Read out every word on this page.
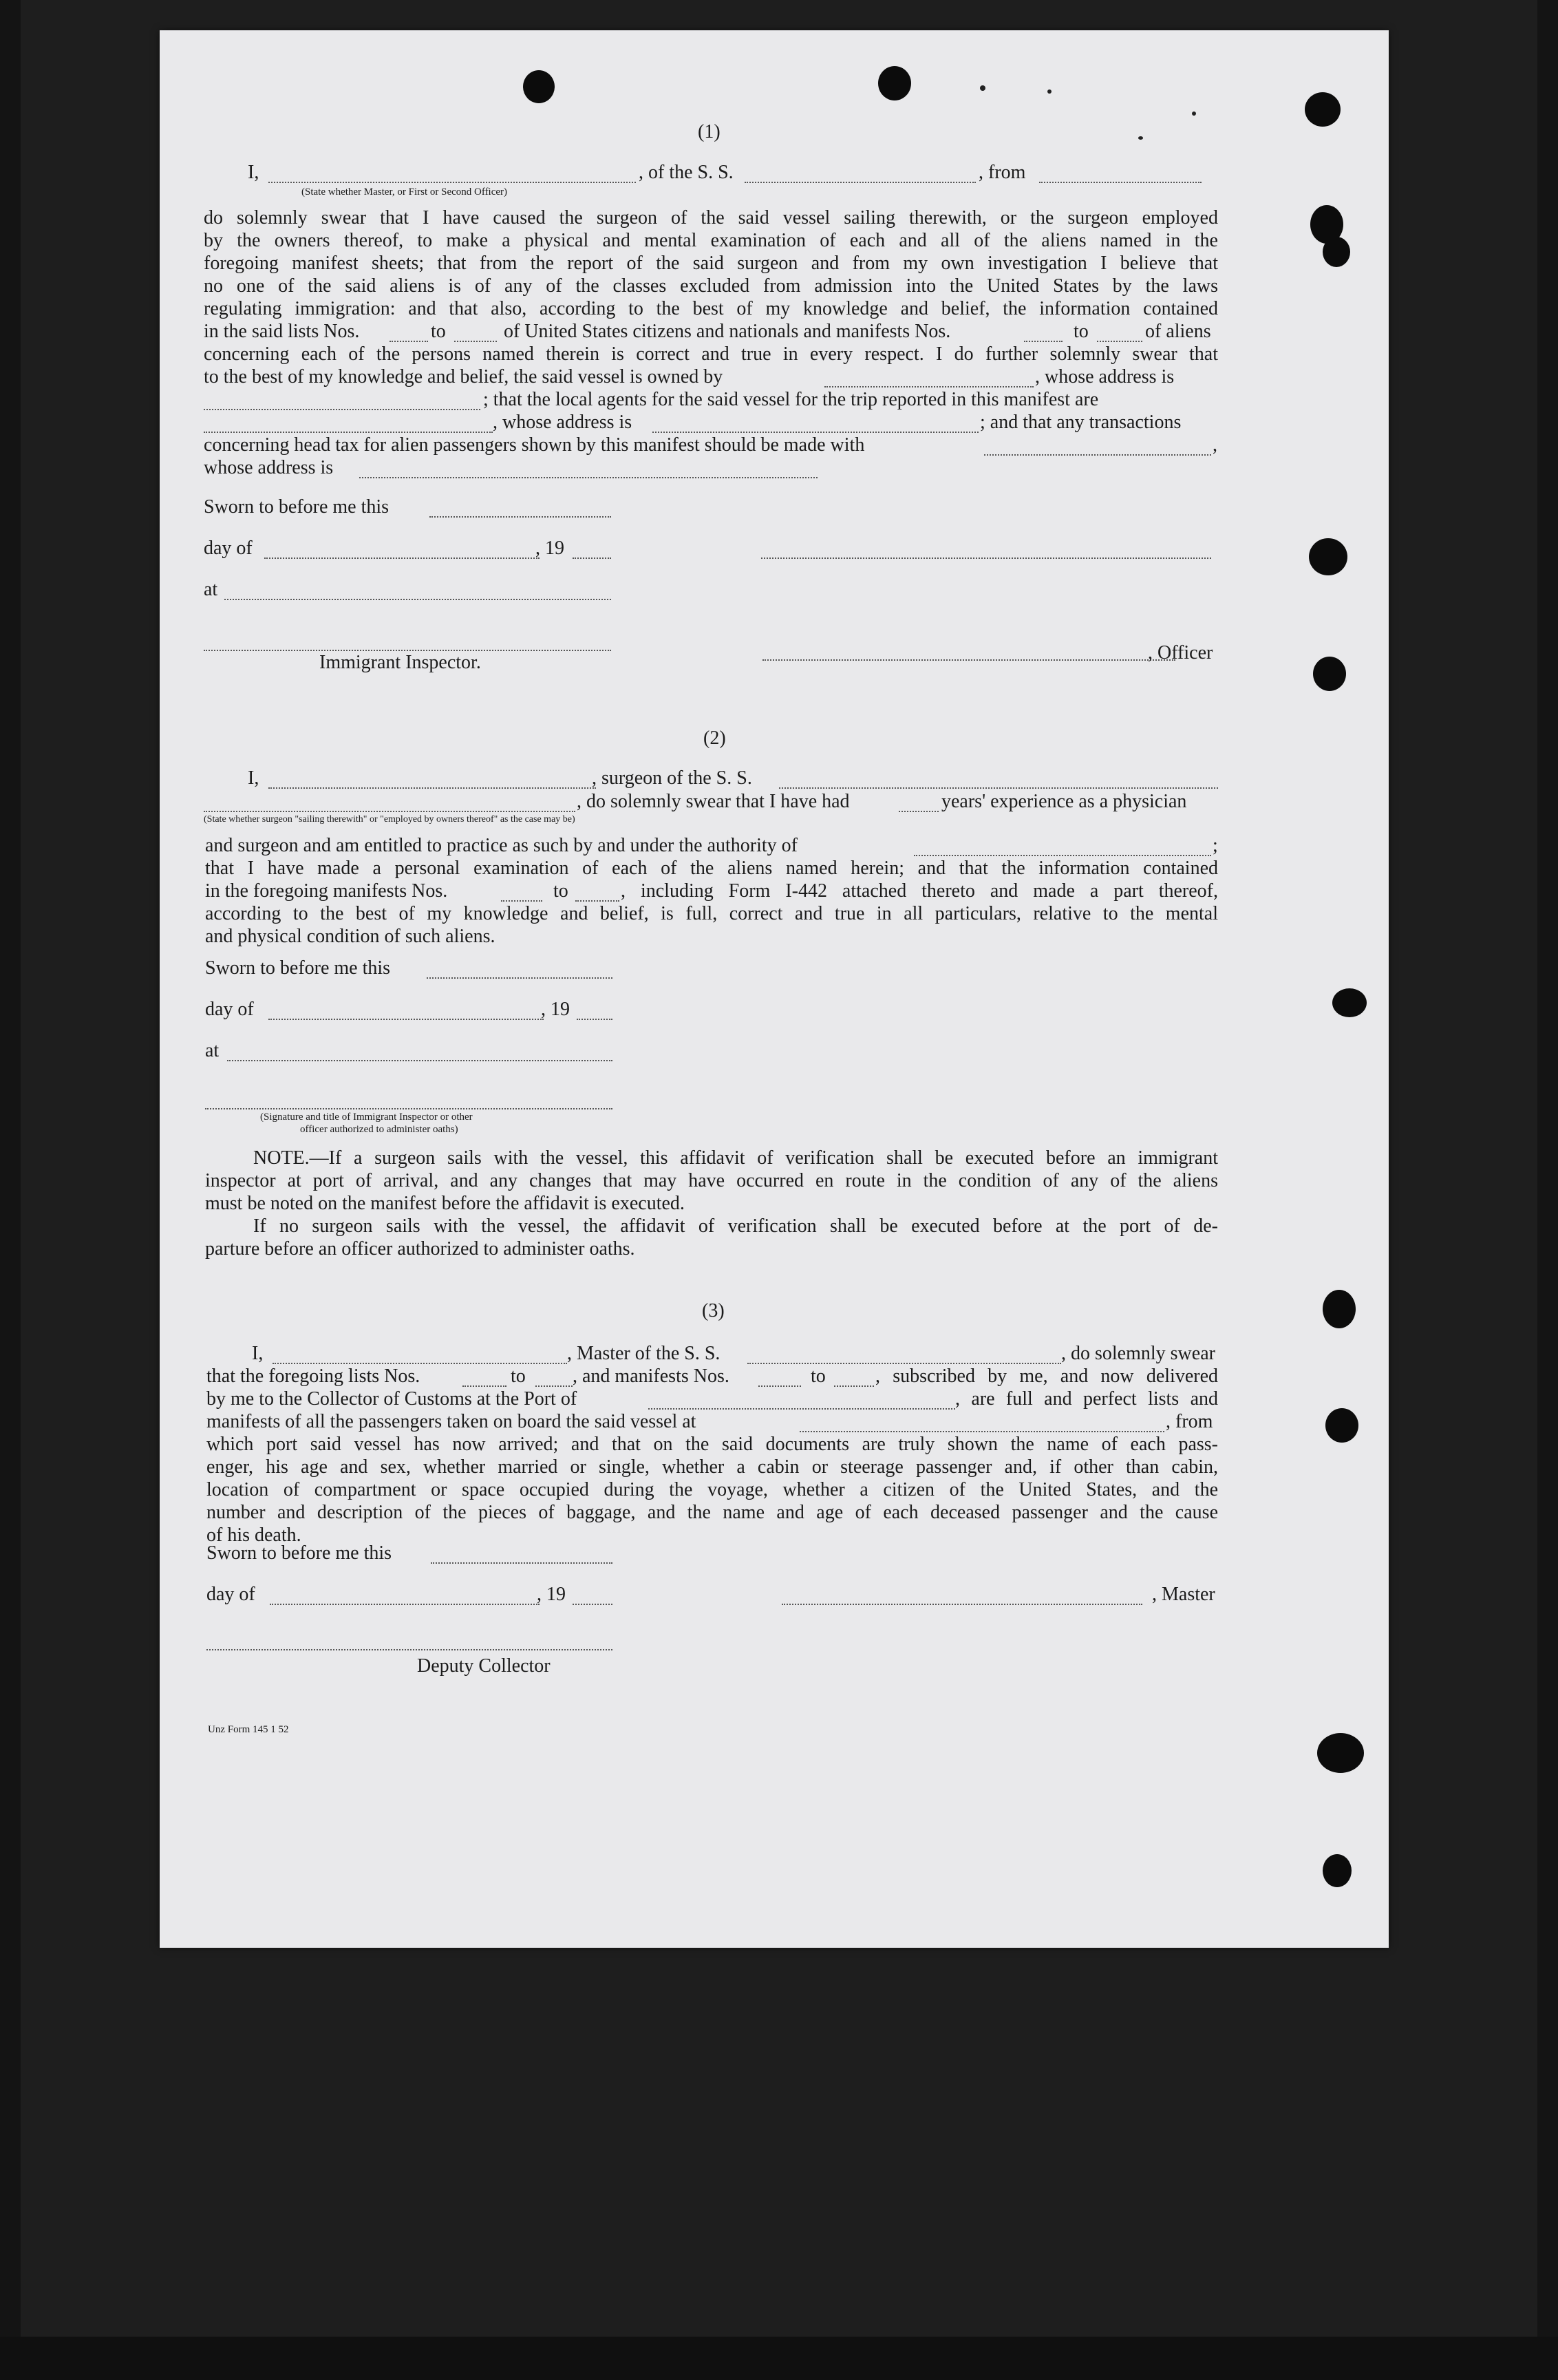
(1)
I,	, of the S. S.	, from
(State whether Master, or First or Second Officer)
do solemnly swear that I have caused the surgeon of the said vessel sailing therewith, or the surgeon employed
by the owners thereof, to make a physical and mental examination of each and all of the aliens named in the
foregoing manifest sheets; that from the report of the said surgeon and from my own investigation I believe that
no one of the said aliens is of any of the classes excluded from admission into the United States by the laws
regulating immigration: and that also, according to the best of my knowledge and belief, the information contained
in the said lists Nos.	to	of United States citizens and nationals and manifests Nos.	to	of aliens
concerning each of the persons named therein is correct and true in every respect. I do further solemnly swear that
to the best of my knowledge and belief, the said vessel is owned by	, whose address is
; that the local agents for the said vessel for the trip reported in this manifest are
, whose address is	; and that any transactions
concerning head tax for alien passengers shown by this manifest should be made with	,
whose address is
Sworn to before me this
day of	, 19
at
, Officer
Immigrant Inspector.
(2)
I,	, surgeon of the S. S.
, do solemnly swear that I have had	years' experience as a physician
(State whether surgeon "sailing therewith" or "employed by owners thereof" as the case may be)
and surgeon and am entitled to practice as such by and under the authority of	;
that I have made a personal examination of each of the aliens named herein; and that the information contained
in the foregoing manifests Nos.	to	, including Form I-442 attached thereto and made a part thereof,
according to the best of my knowledge and belief, is full, correct and true in all particulars, relative to the mental
and physical condition of such aliens.
Sworn to before me this
day of	, 19
at
(Signature and title of Immigrant Inspector or other
officer authorized to administer oaths)
NOTE.—If a surgeon sails with the vessel, this affidavit of verification shall be executed before an immigrant
inspector at port of arrival, and any changes that may have occurred en route in the condition of any of the aliens
must be noted on the manifest before the affidavit is executed.
If no surgeon sails with the vessel, the affidavit of verification shall be executed before at the port of de-
parture before an officer authorized to administer oaths.
(3)
I,	, Master of the S. S.	, do solemnly swear
that the foregoing lists Nos.	to , and manifests Nos.	to	, subscribed by me, and now delivered
by me to the Collector of Customs at the Port of	, are full and perfect lists and
manifests of all the passengers taken on board the said vessel at	, from
which port said vessel has now arrived; and that on the said documents are truly shown the name of each pass-
enger, his age and sex, whether married or single, whether a cabin or steerage passenger and, if other than cabin,
location of compartment or space occupied during the voyage, whether a citizen of the United States, and the
number and description of the pieces of baggage, and the name and age of each deceased passenger and the cause
of his death.
Sworn to before me this
day of	, 19	, Master
Deputy Collector
Unz Form 145 1 52
